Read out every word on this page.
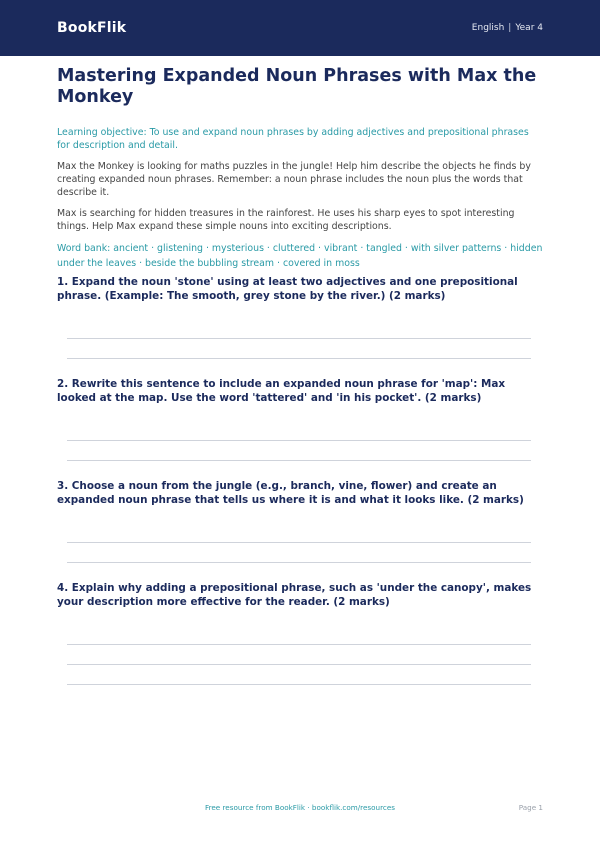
BookFlik	English | Year 4
Mastering Expanded Noun Phrases with Max the Monkey

Learning objective: To use and expand noun phrases by adding adjectives and prepositional phrases for description and detail.

Max the Monkey is looking for maths puzzles in the jungle! Help him describe the objects he finds by creating expanded noun phrases. Remember: a noun phrase includes the noun plus the words that describe it.

Max is searching for hidden treasures in the rainforest. He uses his sharp eyes to spot interesting things. Help Max expand these simple nouns into exciting descriptions.

Word bank: ancient · glistening · mysterious · cluttered · vibrant · tangled · with silver patterns · hidden under the leaves · beside the bubbling stream · covered in moss

1. Expand the noun 'stone' using at least two adjectives and one prepositional phrase. (Example: The smooth, grey stone by the river.) (2 marks)

2. Rewrite this sentence to include an expanded noun phrase for 'map': Max looked at the map. Use the word 'tattered' and 'in his pocket'. (2 marks)

3. Choose a noun from the jungle (e.g., branch, vine, flower) and create an expanded noun phrase that tells us where it is and what it looks like. (2 marks)

4. Explain why adding a prepositional phrase, such as 'under the canopy', makes your description more effective for the reader. (2 marks)

Free resource from BookFlik · bookflik.com/resources	Page 1
